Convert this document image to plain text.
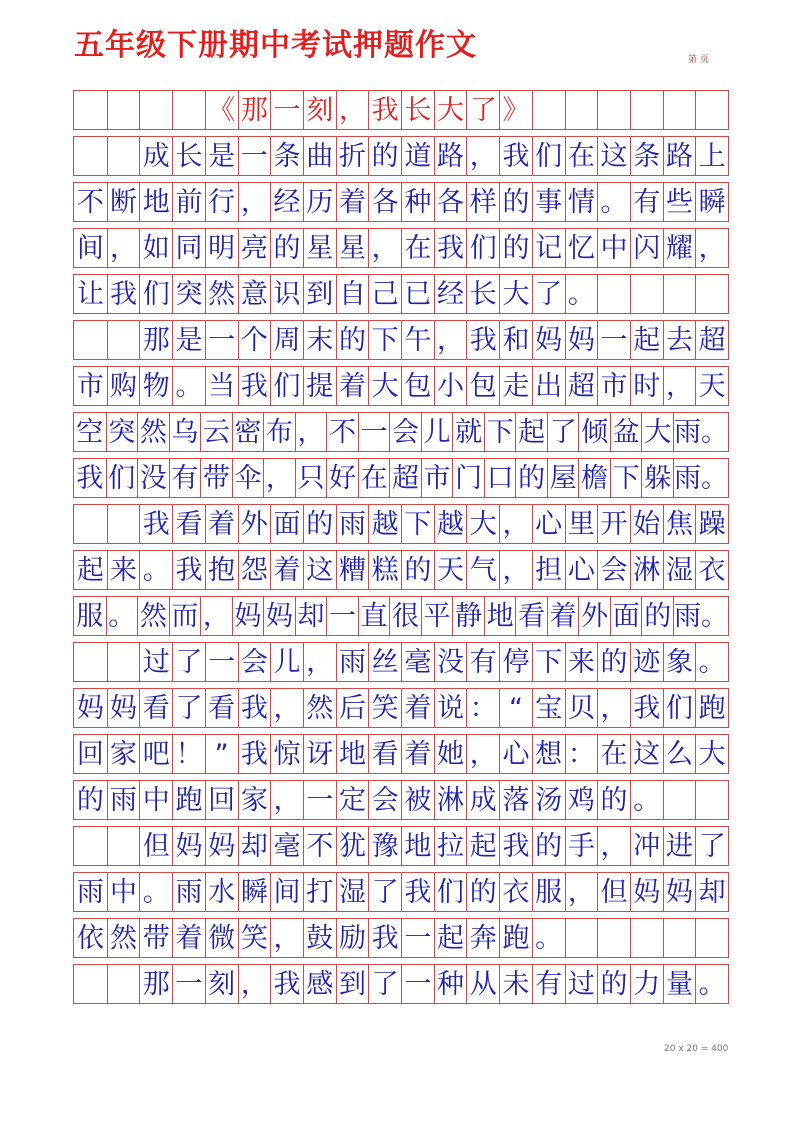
五年级下册期中考试押题作文	第 页
《 那 一 刻 ， 我 长 大 了 》
成 长 是 一 条 曲 折 的 道 路 ， 我 们 在 这 条 路 上
不 断 地 前 行 ， 经 历 着 各 种 各 样 的 事 情 。 有 些 瞬
间 ， 如 同 明 亮 的 星 星 ， 在 我 们 的 记 忆 中 闪 耀 ，
让 我 们 突 然 意 识 到 自 己 已 经 长 大 了 。
那 是 一 个 周 末 的 下 午 ， 我 和 妈 妈 一 起 去 超
市 购 物 。 当 我 们 提 着 大 包 小 包 走 出 超 市 时 ， 天
空 突 然 乌 云 密 布 ， 不 一 会 儿 就 下 起 了 倾 盆 大 雨。
我 们 没 有 带 伞 ， 只 好 在 超 市 门 口 的 屋 檐 下 躲 雨。
我 看 着 外 面 的 雨 越 下 越 大 ， 心 里 开 始 焦 躁
起 来 。 我 抱 怨 着 这 糟 糕 的 天 气 ， 担 心 会 淋 湿 衣
服 。 然 而 ， 妈 妈 却 一 直 很 平 静 地 看 着 外 面 的 雨。
过 了 一 会 儿 ， 雨 丝 毫 没 有 停 下 来 的 迹 象 。
妈 妈 看 了 看 我 ， 然 后 笑 着 说 ： “ 宝 贝 ， 我 们 跑
回 家 吧 ！ ” 我 惊 讶 地 看 着 她 ， 心 想 ： 在 这 么 大
的 雨 中 跑 回 家 ， 一 定 会 被 淋 成 落 汤 鸡 的 。
但 妈 妈 却 毫 不 犹 豫 地 拉 起 我 的 手 ， 冲 进 了
雨 中 。 雨 水 瞬 间 打 湿 了 我 们 的 衣 服 ， 但 妈 妈 却
依 然 带 着 微 笑 ， 鼓 励 我 一 起 奔 跑 。
那 一 刻 ， 我 感 到 了 一 种 从 未 有 过 的 力 量 。
20 x 20 = 400
